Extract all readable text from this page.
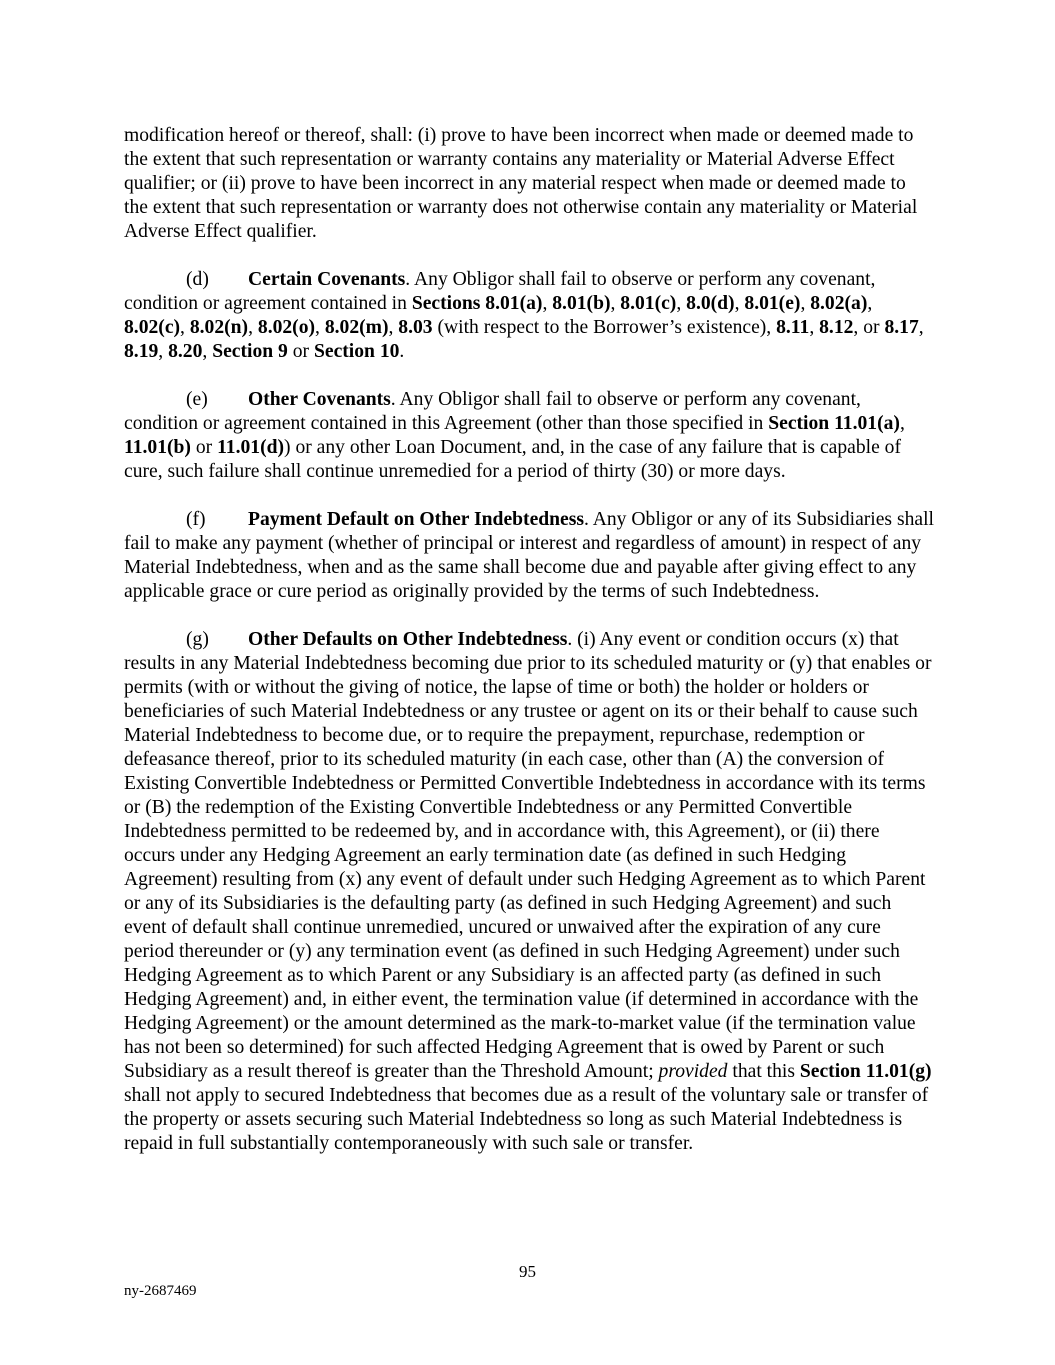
modification hereof or thereof, shall: (i) prove to have been incorrect when made or deemed made to the extent that such representation or warranty contains any materiality or Material Adverse Effect qualifier; or (ii) prove to have been incorrect in any material respect when made or deemed made to the extent that such representation or warranty does not otherwise contain any materiality or Material Adverse Effect qualifier.

(d) Certain Covenants. Any Obligor shall fail to observe or perform any covenant, condition or agreement contained in Sections 8.01(a), 8.01(b), 8.01(c), 8.0(d), 8.01(e), 8.02(a), 8.02(c), 8.02(n), 8.02(o), 8.02(m), 8.03 (with respect to the Borrower’s existence), 8.11, 8.12, or 8.17, 8.19, 8.20, Section 9 or Section 10.

(e) Other Covenants. Any Obligor shall fail to observe or perform any covenant, condition or agreement contained in this Agreement (other than those specified in Section 11.01(a), 11.01(b) or 11.01(d)) or any other Loan Document, and, in the case of any failure that is capable of cure, such failure shall continue unremedied for a period of thirty (30) or more days.

(f) Payment Default on Other Indebtedness. Any Obligor or any of its Subsidiaries shall fail to make any payment (whether of principal or interest and regardless of amount) in respect of any Material Indebtedness, when and as the same shall become due and payable after giving effect to any applicable grace or cure period as originally provided by the terms of such Indebtedness.

(g) Other Defaults on Other Indebtedness. (i) Any event or condition occurs (x) that results in any Material Indebtedness becoming due prior to its scheduled maturity or (y) that enables or permits (with or without the giving of notice, the lapse of time or both) the holder or holders or beneficiaries of such Material Indebtedness or any trustee or agent on its or their behalf to cause such Material Indebtedness to become due, or to require the prepayment, repurchase, redemption or defeasance thereof, prior to its scheduled maturity (in each case, other than (A) the conversion of Existing Convertible Indebtedness or Permitted Convertible Indebtedness in accordance with its terms or (B) the redemption of the Existing Convertible Indebtedness or any Permitted Convertible Indebtedness permitted to be redeemed by, and in accordance with, this Agreement), or (ii) there occurs under any Hedging Agreement an early termination date (as defined in such Hedging Agreement) resulting from (x) any event of default under such Hedging Agreement as to which Parent or any of its Subsidiaries is the defaulting party (as defined in such Hedging Agreement) and such event of default shall continue unremedied, uncured or unwaived after the expiration of any cure period thereunder or (y) any termination event (as defined in such Hedging Agreement) under such Hedging Agreement as to which Parent or any Subsidiary is an affected party (as defined in such Hedging Agreement) and, in either event, the termination value (if determined in accordance with the Hedging Agreement) or the amount determined as the mark-to-market value (if the termination value has not been so determined) for such affected Hedging Agreement that is owed by Parent or such Subsidiary as a result thereof is greater than the Threshold Amount; provided that this Section 11.01(g) shall not apply to secured Indebtedness that becomes due as a result of the voluntary sale or transfer of the property or assets securing such Material Indebtedness so long as such Material Indebtedness is repaid in full substantially contemporaneously with such sale or transfer.

95
ny-2687469
